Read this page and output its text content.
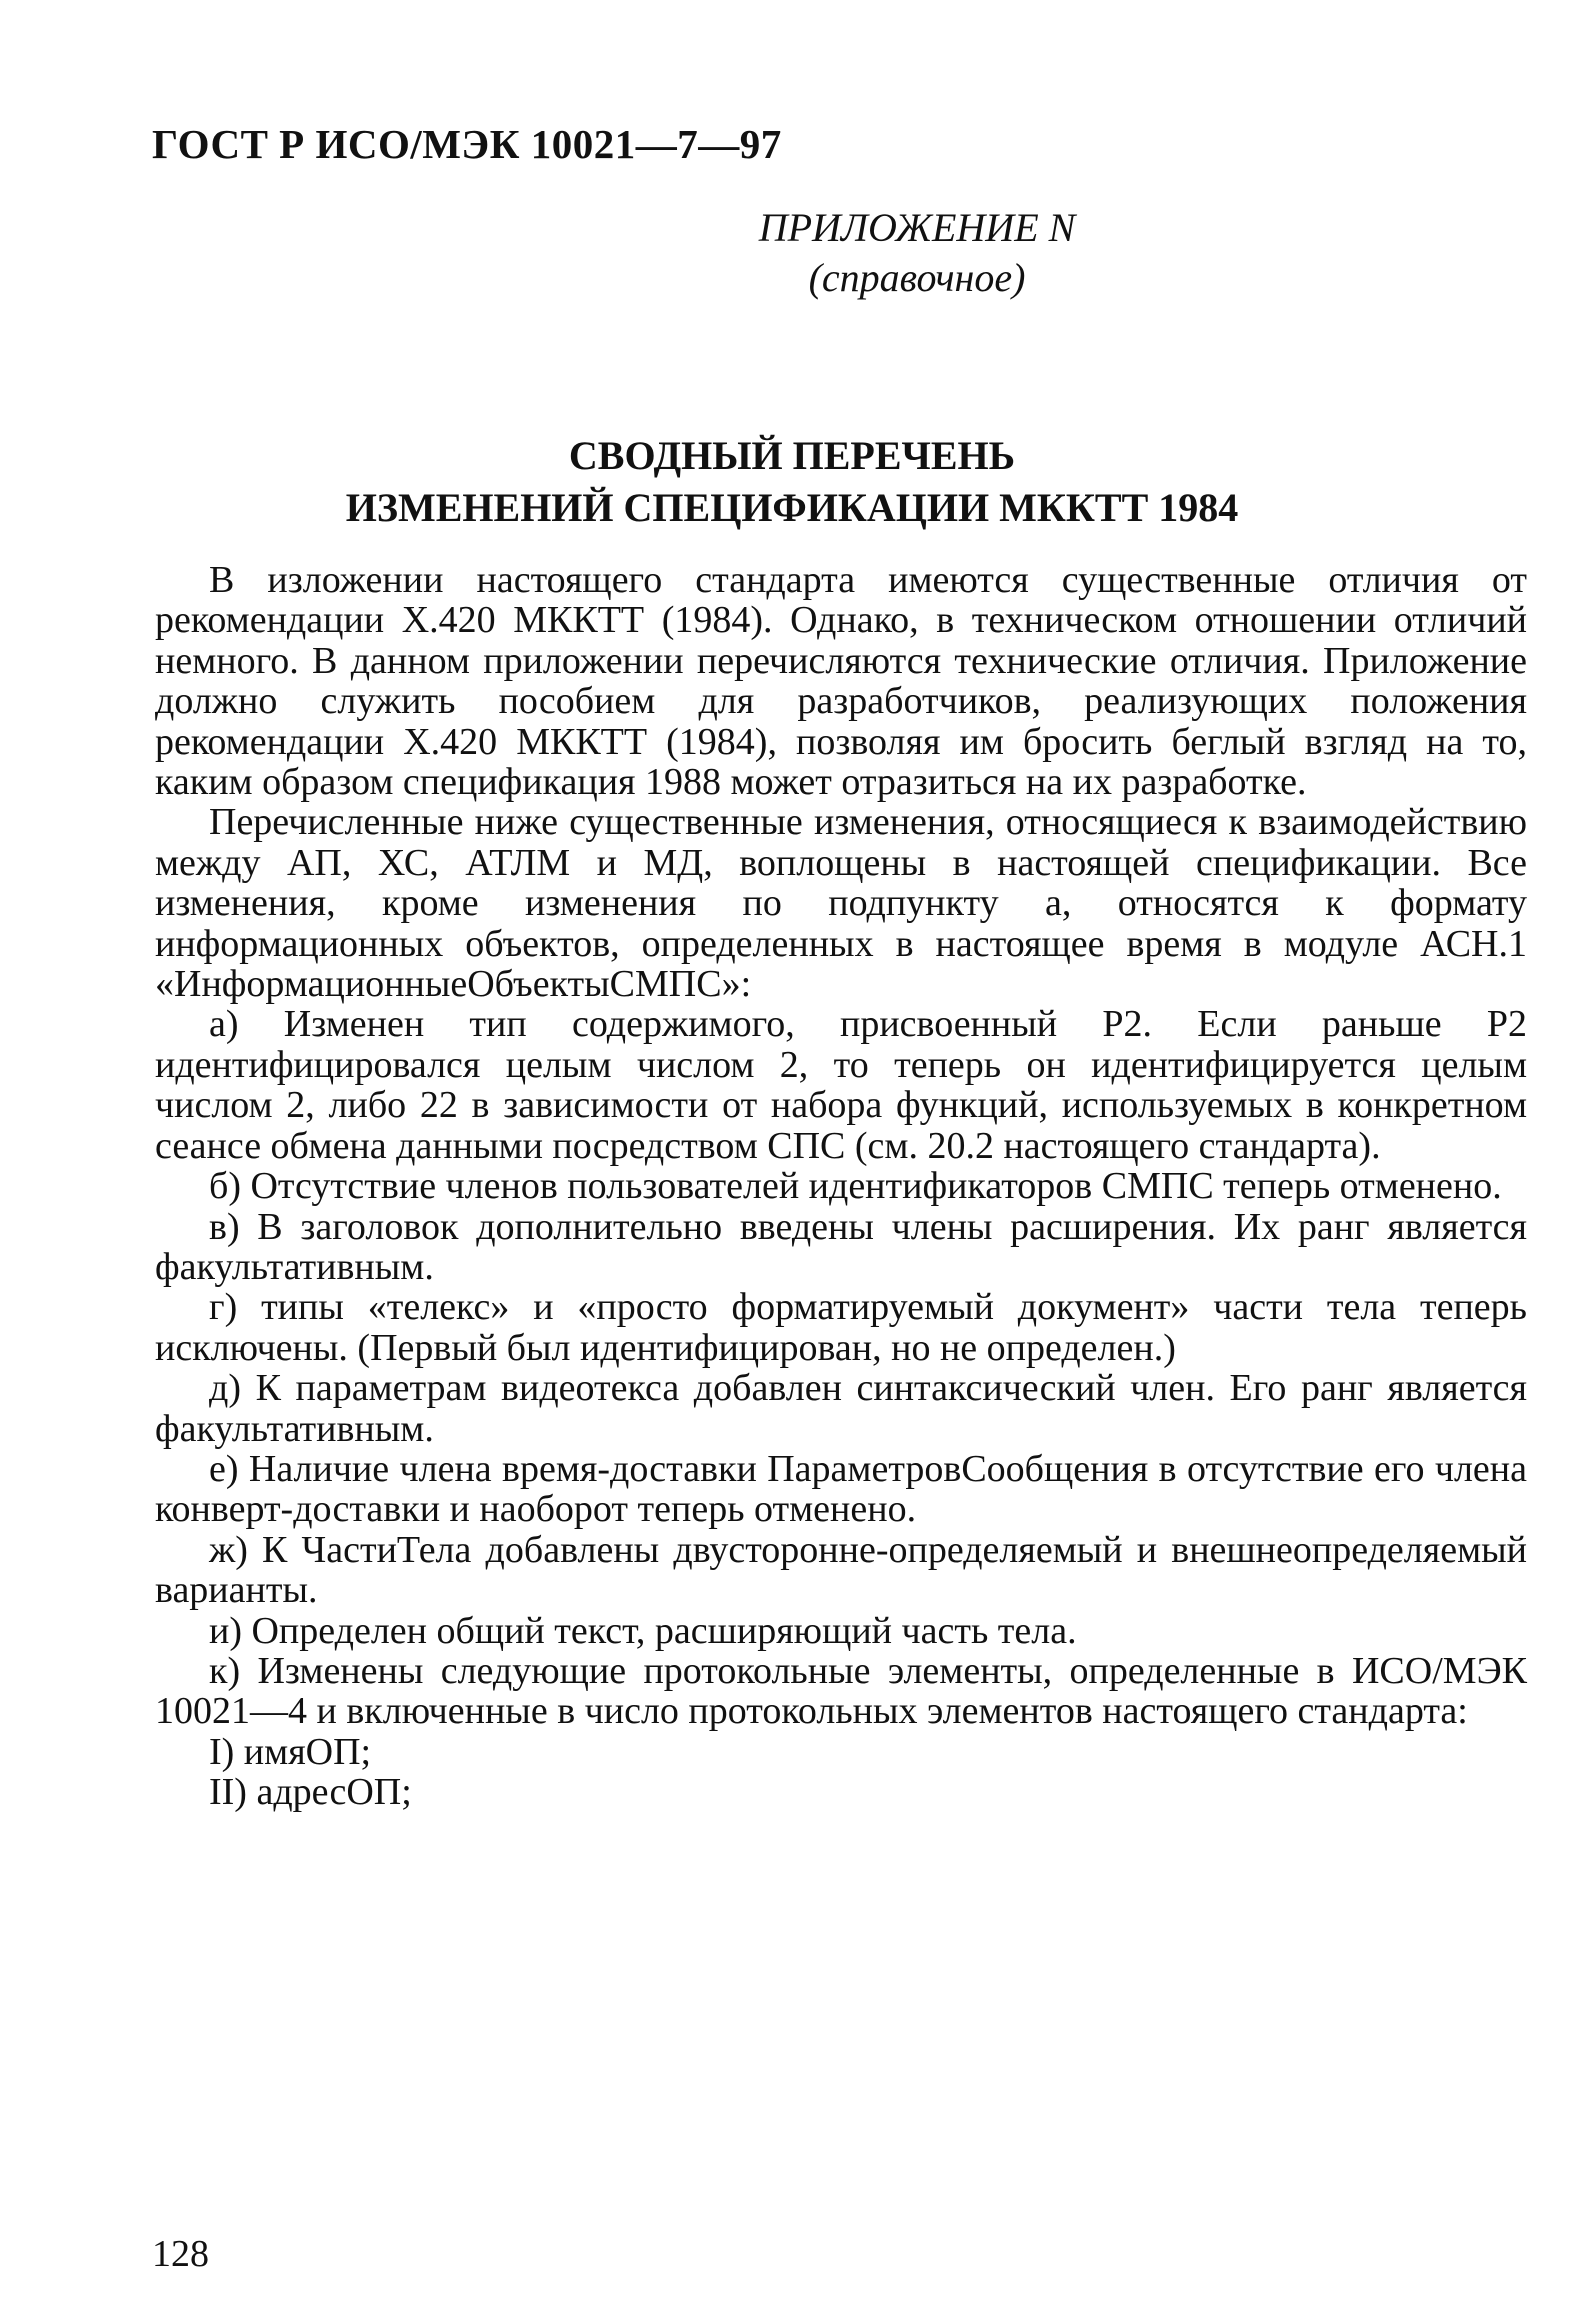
ГОСТ Р ИСО/МЭК 10021—7—97
ПРИЛОЖЕНИЕ N
(справочное)
СВОДНЫЙ ПЕРЕЧЕНЬ
ИЗМЕНЕНИЙ СПЕЦИФИКАЦИИ МККТТ 1984

В изложении настоящего стандарта имеются существенные отличия от рекомендации X.420 МККТТ (1984). Однако, в техническом отношении отличий немного. В данном приложении перечисляются технические отличия. Приложение должно служить пособием для разработчиков, реализующих положения рекомендации X.420 МККТТ (1984), позволяя им бросить беглый взгляд на то, каким образом спецификация 1988 может отразиться на их разработке.

Перечисленные ниже существенные изменения, относящиеся к взаимодействию между АП, ХС, АТЛМ и МД, воплощены в настоящей спецификации. Все изменения, кроме изменения по подпункту а, относятся к формату информационных объектов, определенных в настоящее время в модуле АСН.1 «ИнформационныеОбъектыСМПС»:

а) Изменен тип содержимого, присвоенный Р2. Если раньше Р2 идентифицировался целым числом 2, то теперь он идентифицируется целым числом 2, либо 22 в зависимости от набора функций, используемых в конкретном сеансе обмена данными посредством СПС (см. 20.2 настоящего стандарта).

б) Отсутствие членов пользователей идентификаторов СМПС теперь отменено.

в) В заголовок дополнительно введены члены расширения. Их ранг является факультативным.

г) типы «телекс» и «просто форматируемый документ» части тела теперь исключены. (Первый был идентифицирован, но не определен.)

д) К параметрам видеотекса добавлен синтаксический член. Его ранг является факультативным.

е) Наличие члена время-доставки ПараметровСообщения в отсутствие его члена конверт-доставки и наоборот теперь отменено.

ж) К ЧастиТела добавлены двусторонне-определяемый и внешнеопределяемый варианты.

и) Определен общий текст, расширяющий часть тела.

к) Изменены следующие протокольные элементы, определенные в ИСО/МЭК 10021—4 и включенные в число протокольных элементов настоящего стандарта:

I) имяОП;

II) адресОП;

128
